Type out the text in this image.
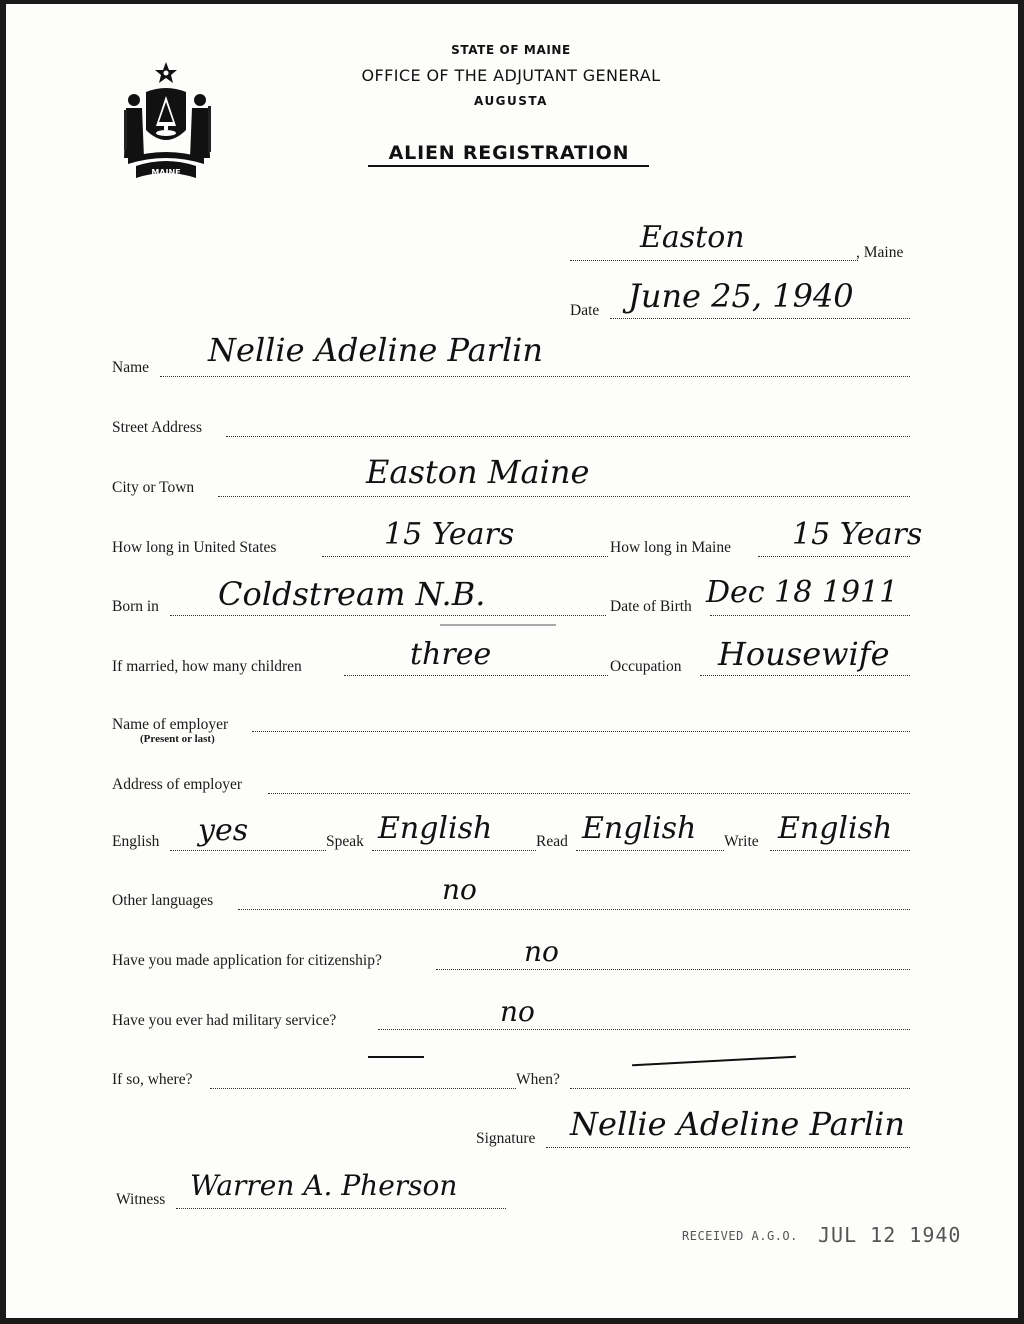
MAINE
STATE OF MAINE
OFFICE OF THE ADJUTANT GENERAL
AUGUSTA
ALIEN REGISTRATION
, Maine
Easton
Date June 25, 1940
Name Nellie Adeline Parlin
Street Address
City or Town	Easton Maine
How long in United States	15 Years	How long in Maine 15 Years
Born in Coldstream N.B.	Date of Birth Dec 18 1911
If married, how many children	three	Occupation Housewife
Name of employer
(Present or last)
Address of employer
English yes	Speak English	Read English Write English
Other languages	no
Have you made application for citizenship?	no
Have you ever had military service?	no
If so, where?	When?
Signature Nellie Adeline Parlin
Witness Warren A. Pherson
RECEIVED A.G.O. JUL 12 1940
